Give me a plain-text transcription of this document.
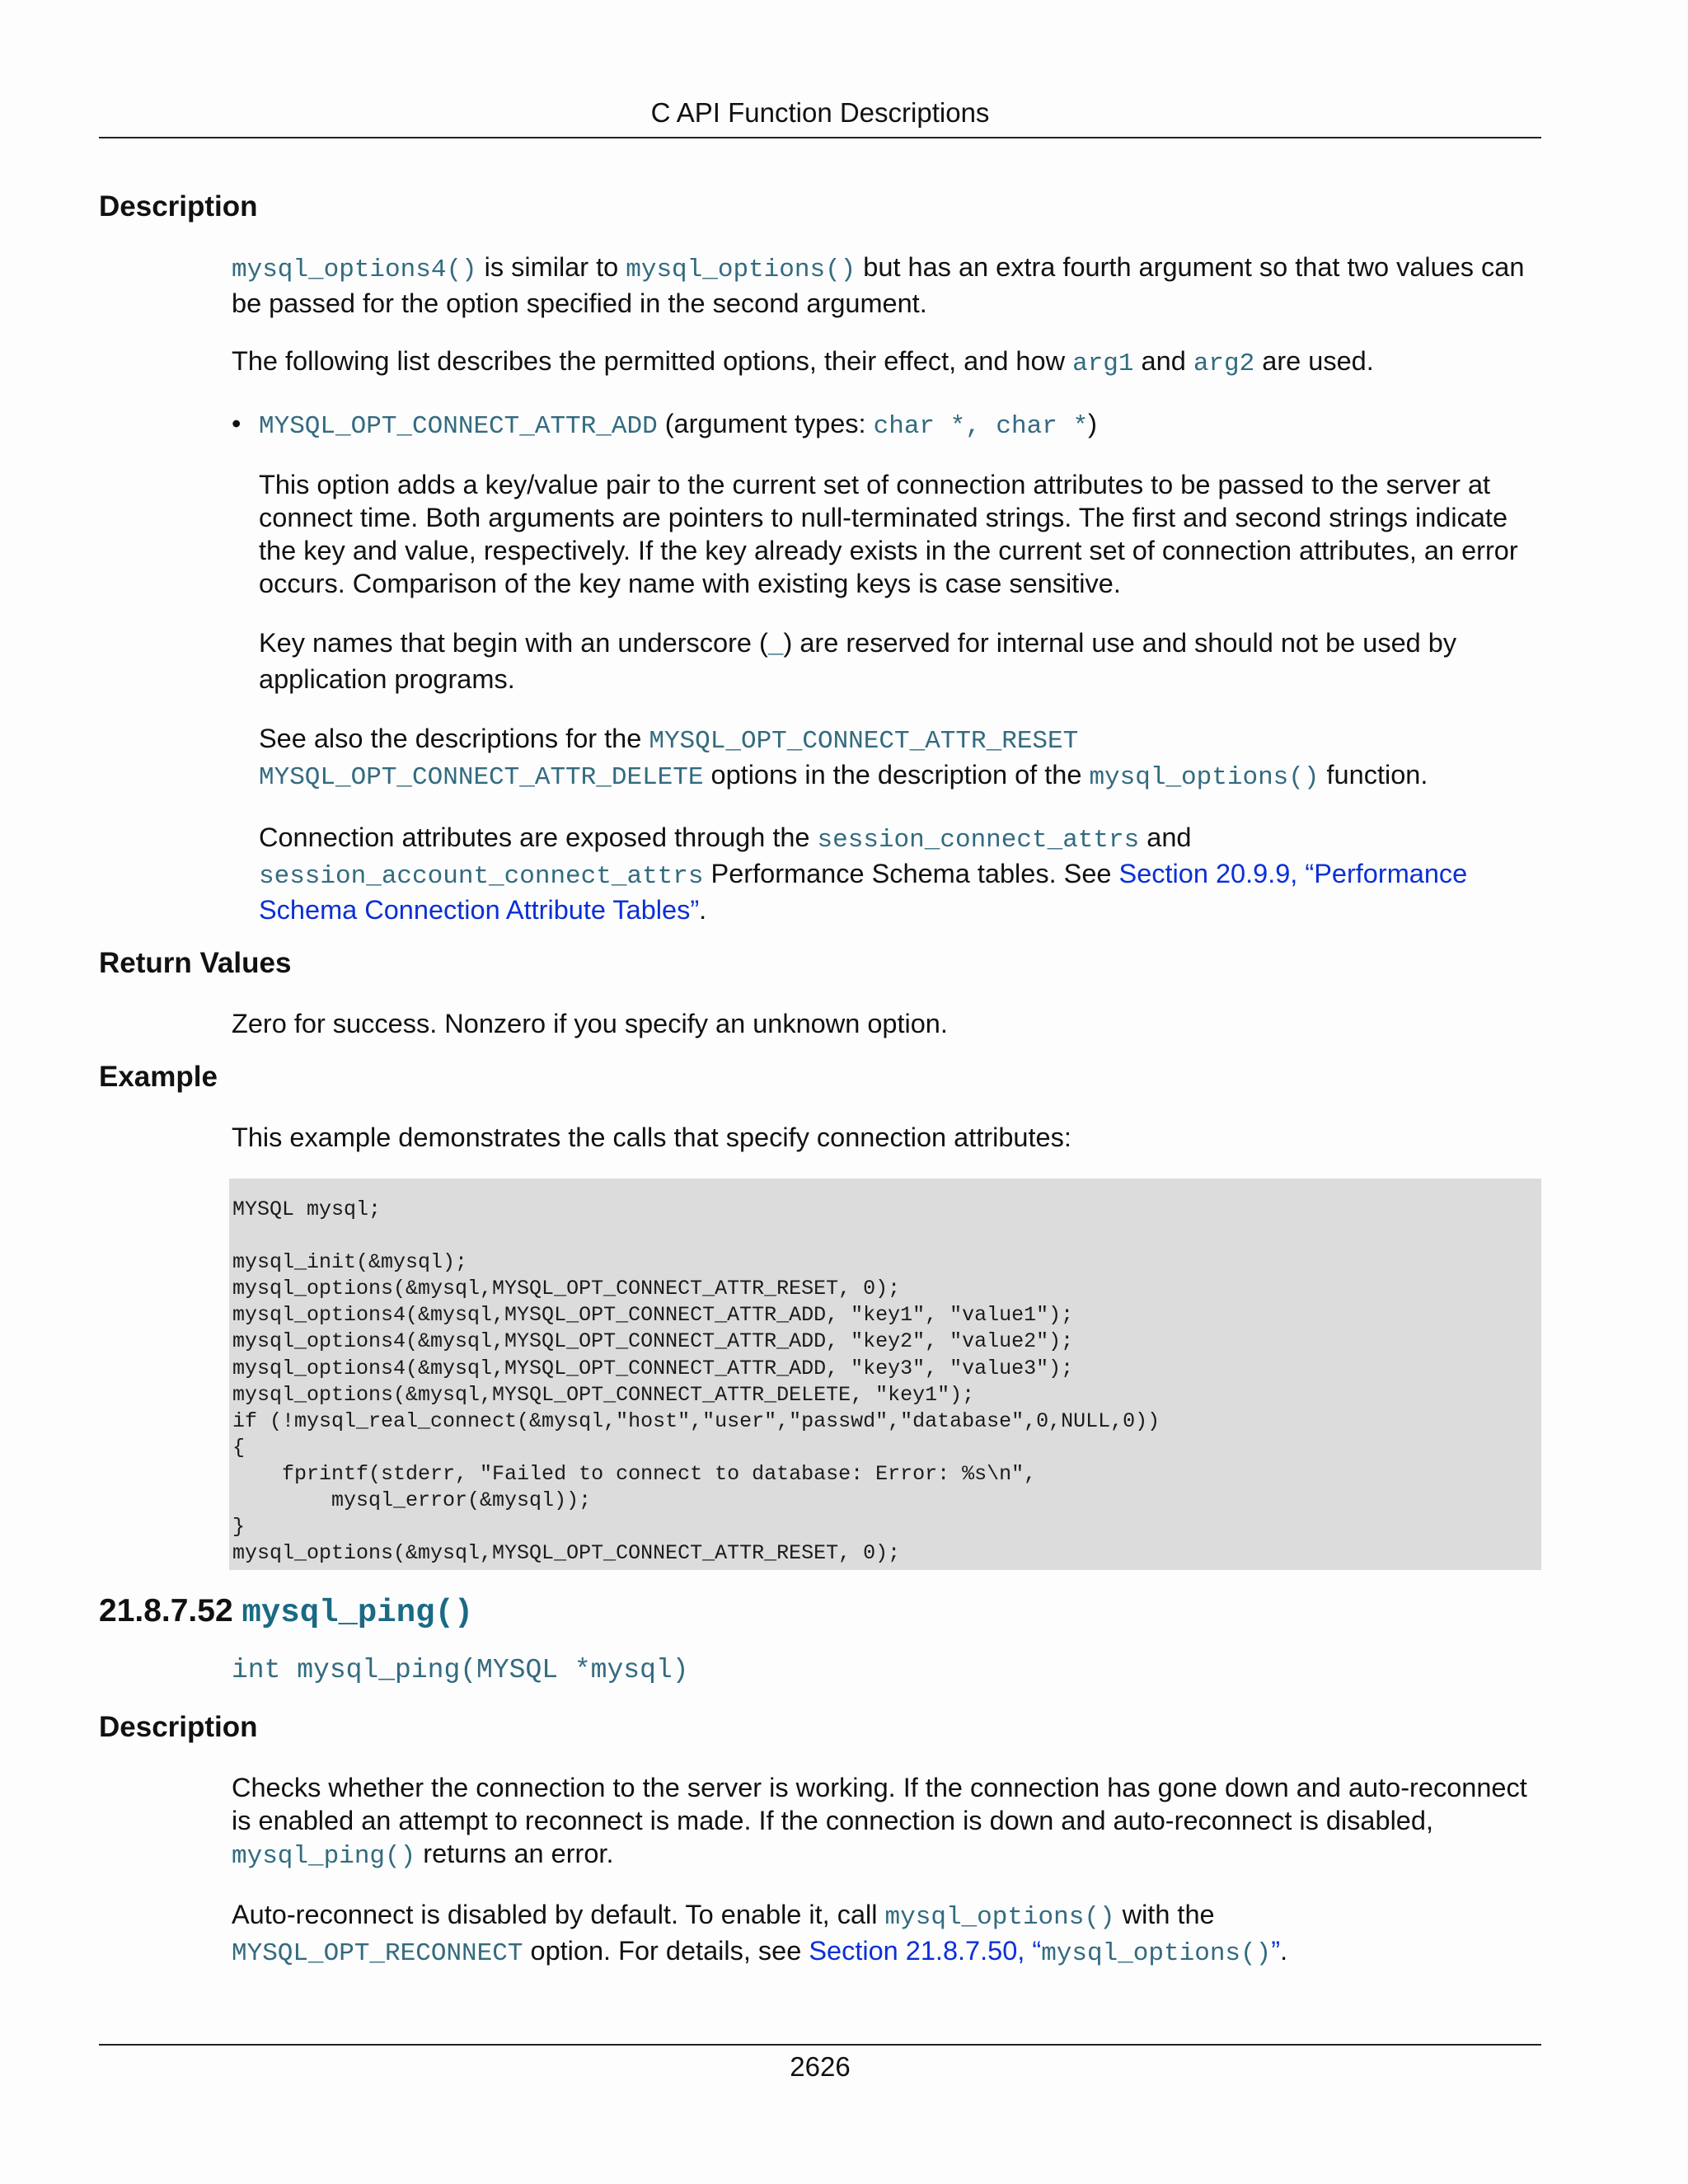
C API Function Descriptions
Description

mysql_options4() is similar to mysql_options() but has an extra fourth argument so that two values can be passed for the option specified in the second argument.

The following list describes the permitted options, their effect, and how arg1 and arg2 are used.

• MYSQL_OPT_CONNECT_ATTR_ADD (argument types: char *, char *)

This option adds a key/value pair to the current set of connection attributes to be passed to the server at connect time. Both arguments are pointers to null-terminated strings. The first and second strings indicate the key and value, respectively. If the key already exists in the current set of connection attributes, an error occurs. Comparison of the key name with existing keys is case sensitive.

Key names that begin with an underscore (_) are reserved for internal use and should not be used by application programs.

See also the descriptions for the MYSQL_OPT_CONNECT_ATTR_RESET
MYSQL_OPT_CONNECT_ATTR_DELETE options in the description of the mysql_options() function.

Connection attributes are exposed through the session_connect_attrs and
session_account_connect_attrs Performance Schema tables. See Section 20.9.9, “Performance Schema Connection Attribute Tables”.

Return Values

Zero for success. Nonzero if you specify an unknown option.

Example

This example demonstrates the calls that specify connection attributes:

MYSQL mysql;

mysql_init(&mysql);
mysql_options(&mysql,MYSQL_OPT_CONNECT_ATTR_RESET, 0);
mysql_options4(&mysql,MYSQL_OPT_CONNECT_ATTR_ADD, "key1", "value1");
mysql_options4(&mysql,MYSQL_OPT_CONNECT_ATTR_ADD, "key2", "value2");
mysql_options4(&mysql,MYSQL_OPT_CONNECT_ATTR_ADD, "key3", "value3");
mysql_options(&mysql,MYSQL_OPT_CONNECT_ATTR_DELETE, "key1");
if (!mysql_real_connect(&mysql,"host","user","passwd","database",0,NULL,0))
{
fprintf(stderr, "Failed to connect to database: Error: %s\n",
mysql_error(&mysql));
}
mysql_options(&mysql,MYSQL_OPT_CONNECT_ATTR_RESET, 0);
21.8.7.52 mysql_ping()

int mysql_ping(MYSQL *mysql)

Description

Checks whether the connection to the server is working. If the connection has gone down and auto-reconnect is enabled an attempt to reconnect is made. If the connection is down and auto-reconnect is disabled, mysql_ping() returns an error.

Auto-reconnect is disabled by default. To enable it, call mysql_options() with the
MYSQL_OPT_RECONNECT option. For details, see Section 21.8.7.50, “mysql_options()”.

2626
